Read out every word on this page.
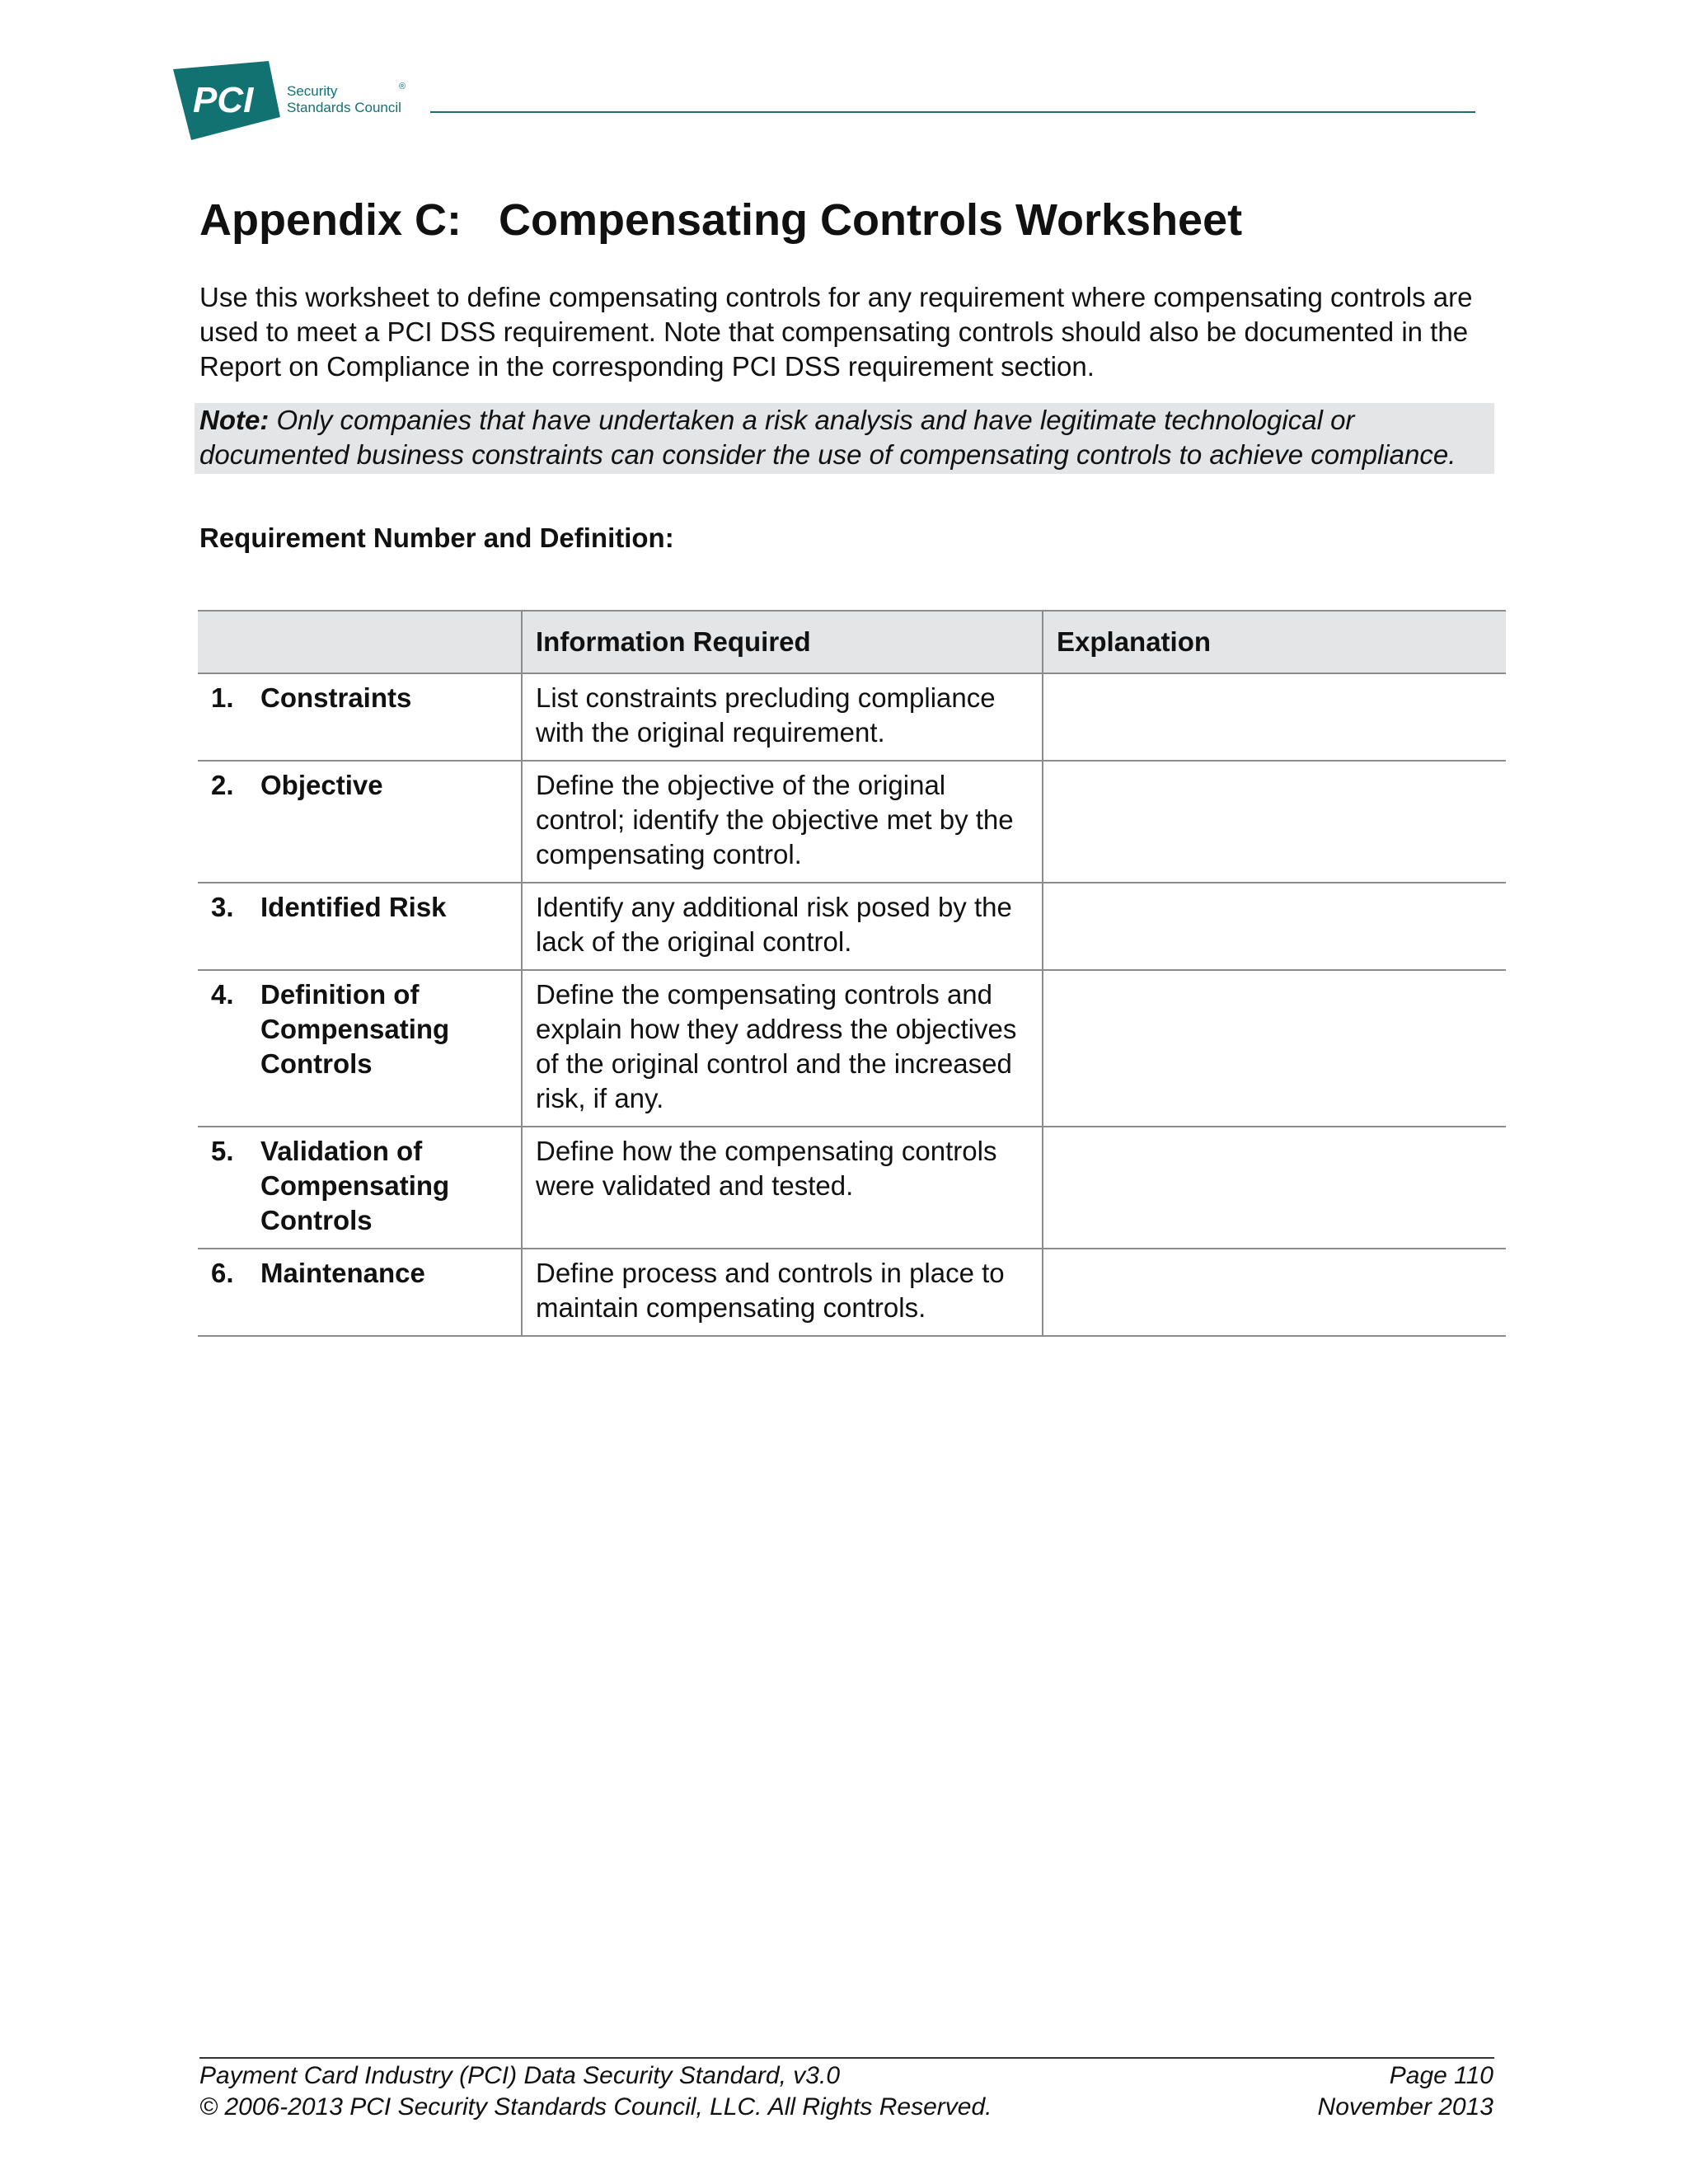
PCI Security
Standards Council
®
Appendix C:   Compensating Controls Worksheet

Use this worksheet to define compensating controls for any requirement where compensating controls are used to meet a PCI DSS requirement. Note that compensating controls should also be documented in the Report on Compliance in the corresponding PCI DSS requirement section.

Note: Only companies that have undertaken a risk analysis and have legitimate technological or documented business constraints can consider the use of compensating controls to achieve compliance.

Requirement Number and Definition:

	Information Required	Explanation

1. Constraints	List constraints precluding compliance with the original requirement.	

2. Objective	Define the objective of the original control; identify the objective met by the compensating control.	

3. Identified Risk	Identify any additional risk posed by the lack of the original control.	

4. Definition of Compensating Controls	Define the compensating controls and explain how they address the objectives of the original control and the increased risk, if any.	

5. Validation of Compensating Controls	Define how the compensating controls were validated and tested.	

6. Maintenance	Define process and controls in place to maintain compensating controls.	

Payment Card Industry (PCI) Data Security Standard, v3.0	Page 110

© 2006-2013 PCI Security Standards Council, LLC. All Rights Reserved.	November 2013
